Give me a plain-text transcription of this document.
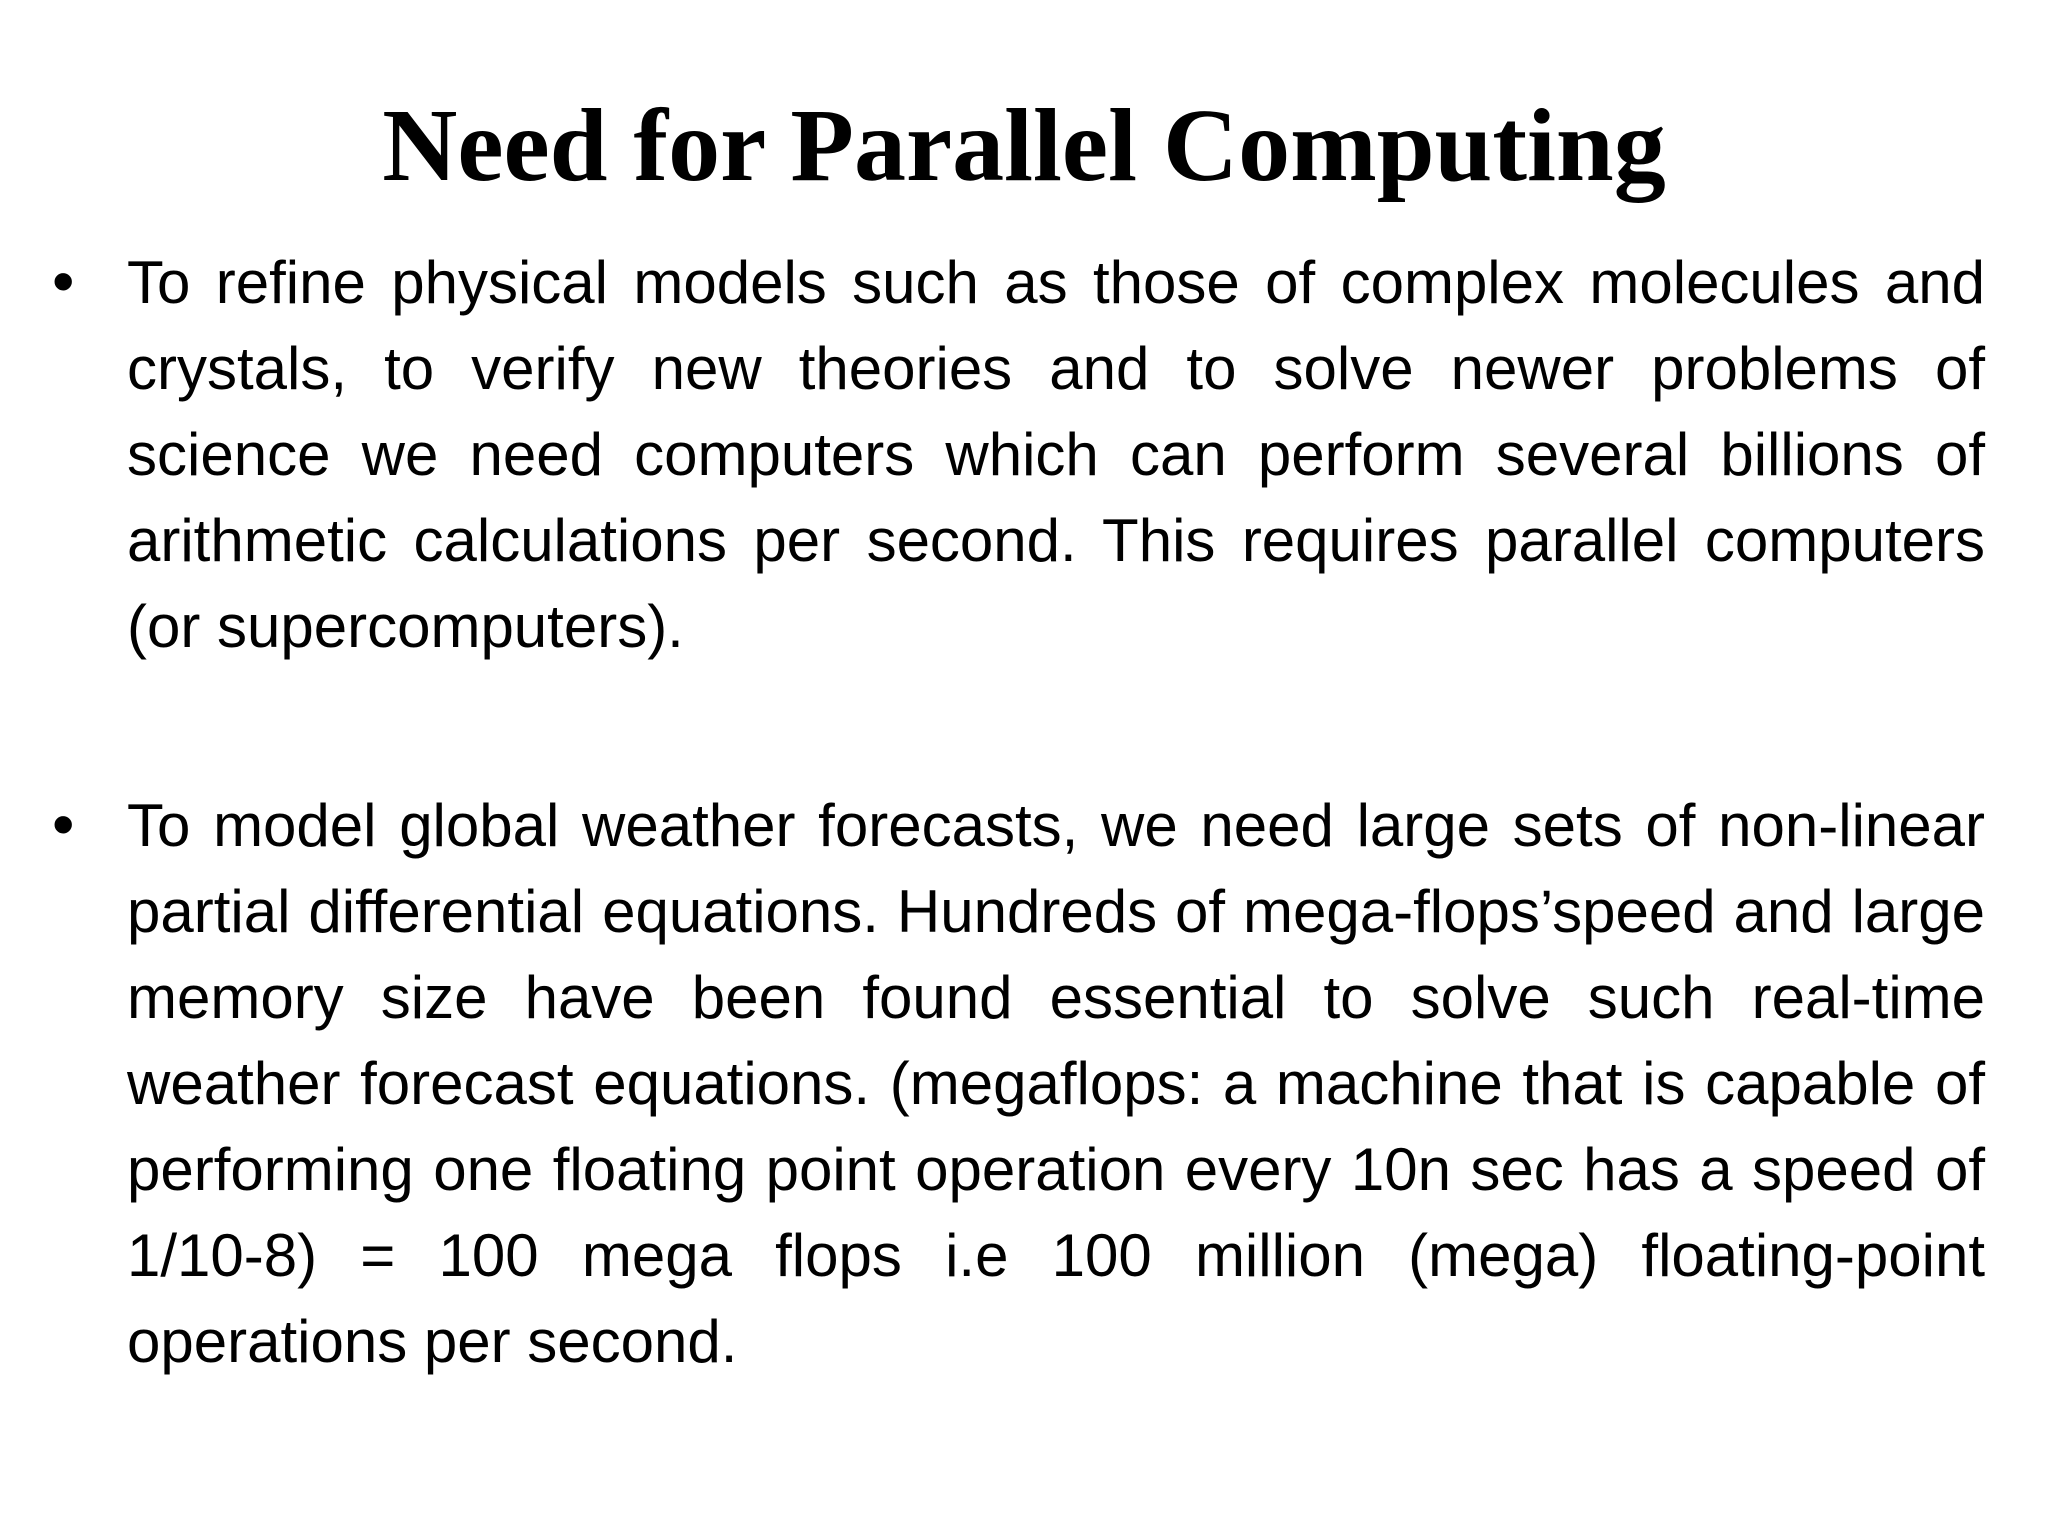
Need for Parallel Computing
• To refine physical models such as those of complex molecules and crystals, to verify new theories and to solve newer problems of science we need computers which can perform several billions of arithmetic calculations per second. This requires parallel computers (or supercomputers).

• To model global weather forecasts, we need large sets of non-linear partial differential equations. Hundreds of mega-flops’speed and large memory size have been found essential to solve such real-time weather forecast equations. (megaflops: a machine that is capable of performing one floating point operation every 10n sec has a speed of 1/10-8) = 100 mega flops i.e 100 million (mega) floating-point operations per second.
